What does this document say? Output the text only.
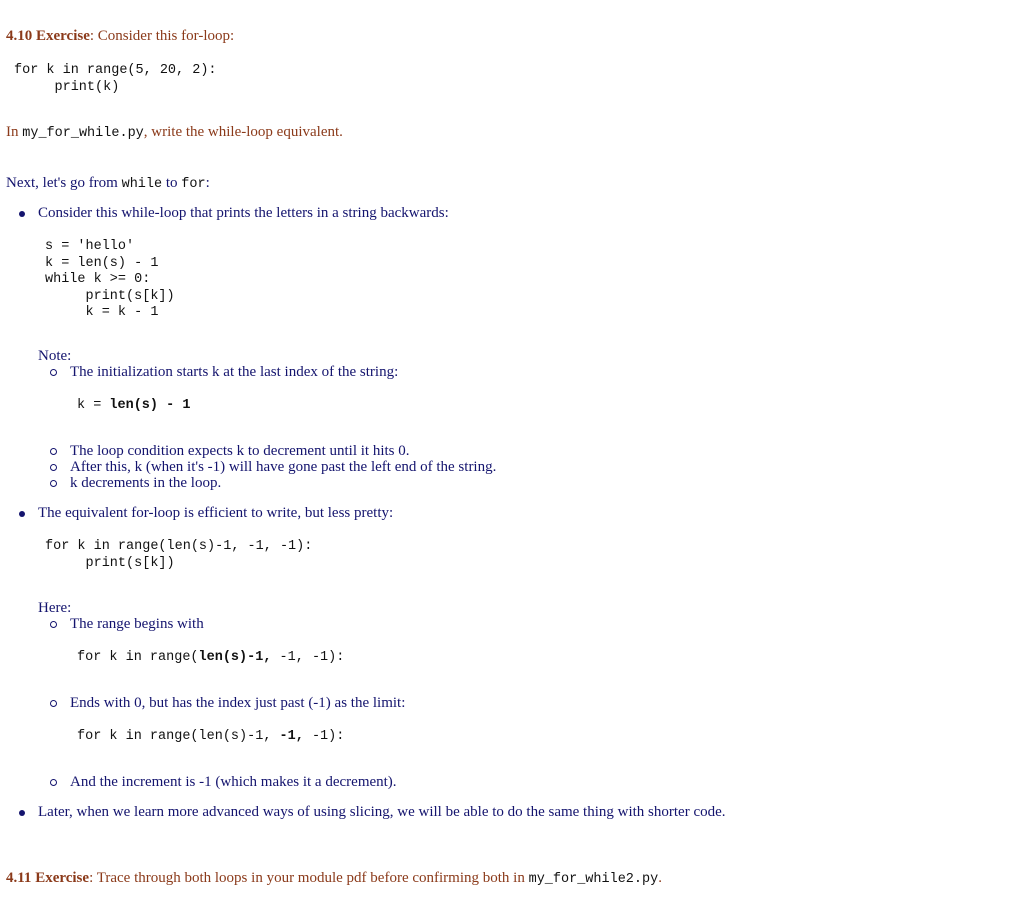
4.10 Exercise: Consider this for-loop:
for k in range(5, 20, 2):
print(k)
In my_for_while.py, write the while-loop equivalent.
Next, let's go from while to for:
Consider this while-loop that prints the letters in a string backwards:
s = 'hello'
k = len(s) - 1
while k >= 0:
print(s[k])
k = k - 1
Note:
The initialization starts k at the last index of the string:
k = len(s) - 1
The loop condition expects k to decrement until it hits 0.
After this, k (when it's -1) will have gone past the left end of the string.
k decrements in the loop.
The equivalent for-loop is efficient to write, but less pretty:
for k in range(len(s)-1, -1, -1):
print(s[k])
Here:
The range begins with
for k in range(len(s)-1, -1, -1):
Ends with 0, but has the index just past (-1) as the limit:
for k in range(len(s)-1, -1, -1):
And the increment is -1 (which makes it a decrement).
Later, when we learn more advanced ways of using slicing, we will be able to do the same thing with shorter code.
4.11 Exercise: Trace through both loops in your module pdf before confirming both in my_for_while2.py.
